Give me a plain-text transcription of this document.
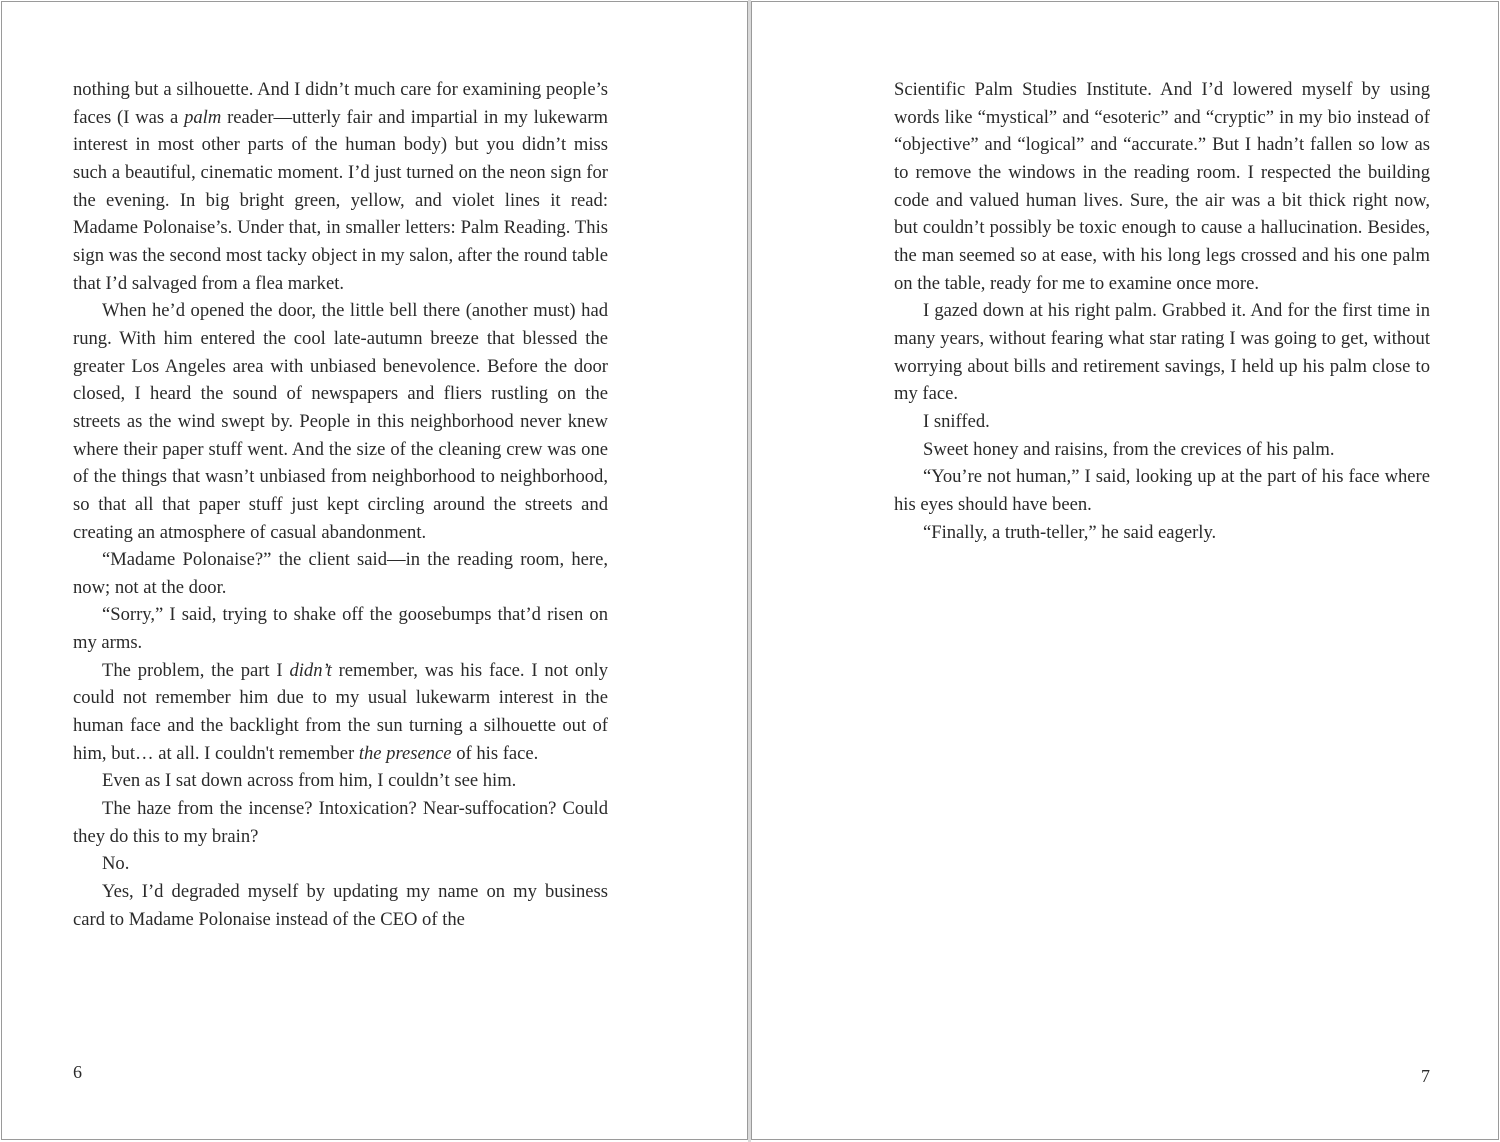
nothing but a silhouette. And I didn’t much care for examining people’s faces (I was a palm reader—utterly fair and impartial in my lukewarm interest in most other parts of the human body) but you didn’t miss such a beautiful, cinematic moment. I’d just turned on the neon sign for the evening. In big bright green, yellow, and violet lines it read: Madame Polonaise’s. Under that, in smaller letters: Palm Reading. This sign was the second most tacky object in my salon, after the round table that I’d salvaged from a flea market.

When he’d opened the door, the little bell there (another must) had rung. With him entered the cool late-autumn breeze that blessed the greater Los Angeles area with unbiased benevolence. Before the door closed, I heard the sound of newspapers and fliers rustling on the streets as the wind swept by. People in this neighborhood never knew where their paper stuff went. And the size of the cleaning crew was one of the things that wasn’t unbiased from neighborhood to neighborhood, so that all that paper stuff just kept circling around the streets and creating an atmosphere of casual abandonment.

“Madame Polonaise?” the client said—in the reading room, here, now; not at the door.

“Sorry,” I said, trying to shake off the goosebumps that’d risen on my arms.

The problem, the part I didn’t remember, was his face. I not only could not remember him due to my usual lukewarm interest in the human face and the backlight from the sun turning a silhouette out of him, but… at all. I couldn't remember the presence of his face.

Even as I sat down across from him, I couldn’t see him.

The haze from the incense? Intoxication? Near-suffocation? Could they do this to my brain?

No.

Yes, I’d degraded myself by updating my name on my business card to Madame Polonaise instead of the CEO of the

6

Scientific Palm Studies Institute. And I’d lowered myself by using words like “mystical” and “esoteric” and “cryptic” in my bio instead of “objective” and “logical” and “accurate.” But I hadn’t fallen so low as to remove the windows in the reading room. I respected the building code and valued human lives. Sure, the air was a bit thick right now, but couldn’t possibly be toxic enough to cause a hallucination. Besides, the man seemed so at ease, with his long legs crossed and his one palm on the table, ready for me to examine once more.

I gazed down at his right palm. Grabbed it. And for the first time in many years, without fearing what star rating I was going to get, without worrying about bills and retirement savings, I held up his palm close to my face.

I sniffed.

Sweet honey and raisins, from the crevices of his palm.

“You’re not human,” I said, looking up at the part of his face where his eyes should have been.

“Finally, a truth-teller,” he said eagerly.

7
